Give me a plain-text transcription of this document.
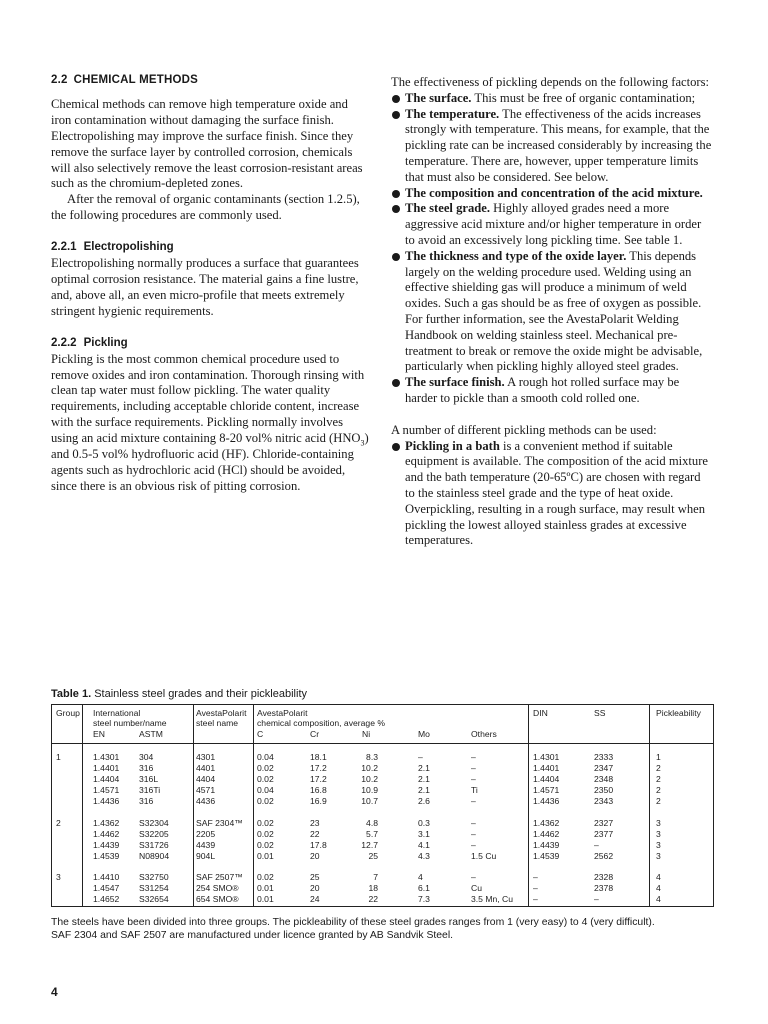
2.2 CHEMICAL METHODS

Chemical methods can remove high temperature oxide and iron contamination without damaging the surface finish. Electropolishing may improve the surface finish. Since they remove the surface layer by controlled corrosion, chemicals will also selectively remove the least corrosion-resistant areas such as the chromium-depleted zones.

After the removal of organic contaminants (section 1.2.5), the following procedures are commonly used.

2.2.1 Electropolishing

Electropolishing normally produces a surface that guarantees optimal corrosion resistance. The material gains a fine lustre, and, above all, an even micro-profile that meets extremely stringent hygienic requirements.

2.2.2 Pickling

Pickling is the most common chemical procedure used to remove oxides and iron contamination. Thorough rinsing with clean tap water must follow pickling. The water quality requirements, including acceptable chloride content, increase with the surface requirements. Pickling normally involves using an acid mixture containing 8-20 vol% nitric acid $(HNO_3)$ and 0.5-5 vol% hydrofluoric acid (HF). Chloride-containing agents such as hydrochloric acid (HCl) should be avoided, since there is an obvious risk of pitting corrosion.

The effectiveness of pickling depends on the following factors:

The surface. This must be free of organic contamination;
The temperature. The effectiveness of the acids increases strongly with temperature. This means, for example, that the pickling rate can be increased considerably by increasing the temperature. There are, however, upper temperature limits that must also be considered. See below.
The composition and concentration of the acid mixture.
The steel grade. Highly alloyed grades need a more aggressive acid mixture and/or higher temperature in order to avoid an excessively long pickling time. See table 1.
The thickness and type of the oxide layer. This depends largely on the welding procedure used. Welding using an effective shielding gas will produce a minimum of weld oxides. Such a gas should be as free of oxygen as possible. For further information, see the AvestaPolarit Welding Handbook on welding stainless steel. Mechanical pre-treatment to break or remove the oxide might be advisable, particularly when pickling highly alloyed steel grades.
The surface finish. A rough hot rolled surface may be harder to pickle than a smooth cold rolled one.

A number of different pickling methods can be used:

Pickling in a bath is a convenient method if suitable equipment is available. The composition of the acid mixture and the bath temperature (20-65ºC) are chosen with regard to the stainless steel grade and the type of heat oxide. Overpickling, resulting in a rough surface, may result when pickling the lowest alloyed stainless grades at excessive temperatures.
Table 1. Stainless steel grades and their pickleability
Group International
steel number/name
EN	ASTM
AvestaPolarit
steel name
AvestaPolarit
chemical composition, average %
C	Cr	Ni	Mo	Others
DIN	SS	Pickleability
1	1.4301 304	4301	0.04	18.1	8.3	–	–	1.4301	2333	1
1.4401 316	4401	0.02	17.2	10.2	2.1	–	1.4401	2347	2
1.4404 316L	4404	0.02	17.2	10.2	2.1	–	1.4404	2348	2
1.4571 316Ti	4571	0.04	16.8	10.9	2.1	Ti	1.4571	2350	2
1.4436 316	4436	0.02	16.9	10.7	2.6	–	1.4436	2343	2
2	1.4362 S32304	SAF 2304™ 0.02	23	4.8	0.3	–	1.4362	2327	3
1.4462 S32205	2205	0.02	22	5.7	3.1	–	1.4462	2377	3
1.4439 S31726	4439	0.02	17.8	12.7	4.1	–	1.4439	–	3
1.4539 N08904	904L	0.01	20	25	4.3	1.5 Cu	1.4539	2562	3
3	1.4410 S32750	SAF 2507™ 0.02	25	7	4	–	–	2328	4
1.4547 S31254	254 SMO® 0.01	20	18	6.1	Cu	–	2378	4
1.4652 S32654	654 SMO® 0.01	24	22	7.3	3.5 Mn, Cu –	–	4
The steels have been divided into three groups. The pickleability of these steel grades ranges from 1 (very easy) to 4 (very difficult).
SAF 2304 and SAF 2507 are manufactured under licence granted by AB Sandvik Steel.
4
